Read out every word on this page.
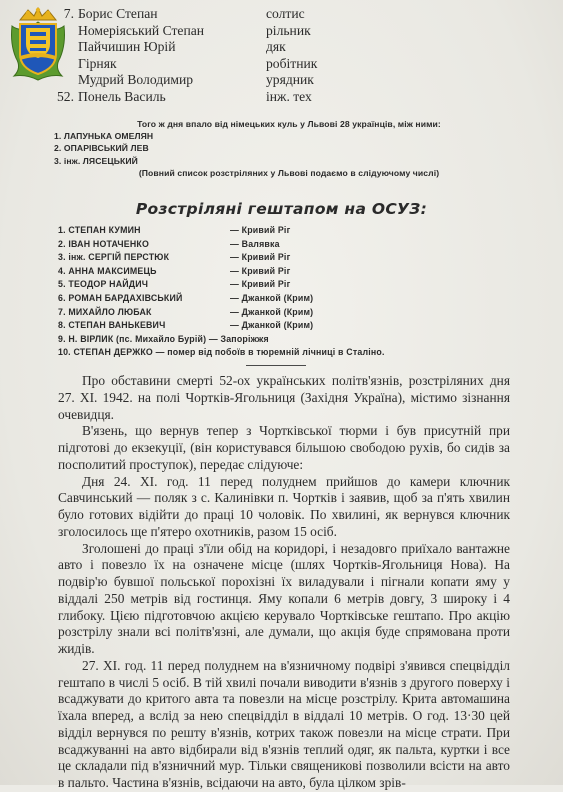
7. Борис Степан	солтис
Номеріяський Степан	рільник
Пайчишин Юрій	дяк
Гірняк	робітник
Мудрий Володимир	урядник
52. Понель Василь	інж. тех
Того ж дня впало від німецьких куль у Львові 28 українців, між ними:
1. ЛАПУНЬКА ОМЕЛЯН
2. ОПАРІВСЬКИЙ ЛЕВ
3. інж. ЛЯСЕЦЬКИЙ
(Повний список розстріляних у Львові подаємо в слідуючому числі)
Розстріляні гештапом на ОСУЗ:
1. СТЕПАН КУМИН	— Кривий Ріг
2. ІВАН НОТАЧЕНКО	— Валявка
3. інж. СЕРГІЙ ПЕРСТЮК	— Кривий Ріг
4. АННА МАКСИМЕЦЬ	— Кривий Ріг
5. ТЕОДОР НАЙДИЧ	— Кривий Ріг
6. РОМАН БАРДАХІВСЬКИЙ	— Джанкой (Крим)
7. МИХАЙЛО ЛЮБАК	— Джанкой (Крим)
8. СТЕПАН ВАНЬКЕВИЧ	— Джанкой (Крим)
9. Н. ВІРЛИК (пс. Михайло Бурій) — Запоріжжя
10. СТЕПАН ДЕРЖКО — помер від побоїв в тюремній лічниці в Сталіно.

Про обставини смерті 52-ох українських політв'язнів, розстріляних дня 27. XI. 1942. на полі Чортків-Ягольниця (Західня Україна), містимо зізнання очевидця.

В'язень, що вернув тепер з Чортківської тюрми і був присутній при підготові до екзекуції, (він користувався більшою свободою рухів, бо сидів за посполитий проступок), передає слідуюче:

Дня 24. XI. год. 11 перед полуднем прийшов до камери ключник Савчинський — поляк з с. Калинівки п. Чортків і заявив, щоб за п'ять хвилин було готових відійти до праці 10 чоловік. По хвилині, як вернувся ключник зголосилось ще п'ятеро охотників, разом 15 осіб.

Зголошені до праці з'їли обід на коридорі, і незадовго приїхало вантажне авто і повезло їх на означене місце (шлях Чортків-Ягольниця Нова). На подвір'ю бувшої польської порохізні їх виладували і пігнали копати яму у віддалі 250 метрів від гостинця. Яму копали 6 метрів довгу, 3 широку і 4 глибоку. Цією підготовчою акцією керувало Чортківське гештапо. Про акцію розстрілу знали всі політв'язні, але думали, що акція буде спрямована проти жидів.

27. XI. год. 11 перед полуднем на в'язничному подвірі з'явився спецвідділ гештапо в числі 5 осіб. В тій хвилі почали виводити в'язнів з другого поверху і всаджувати до критого авта та повезли на місце розстрілу. Крита автомашина їхала вперед, а вслід за нею спецвідділ в віддалі 10 метрів. О год. 13·30 цей відділ вернувся по решту в'язнів, котрих також повезли на місце страти. При всаджуванні на авто відбирали від в'язнів теплий одяг, як пальта, куртки і все це складали під в'язничний мур. Тільки священикові позволили всісти на авто в пальто. Частина в'язнів, всідаючи на авто, була цілком зрів-
